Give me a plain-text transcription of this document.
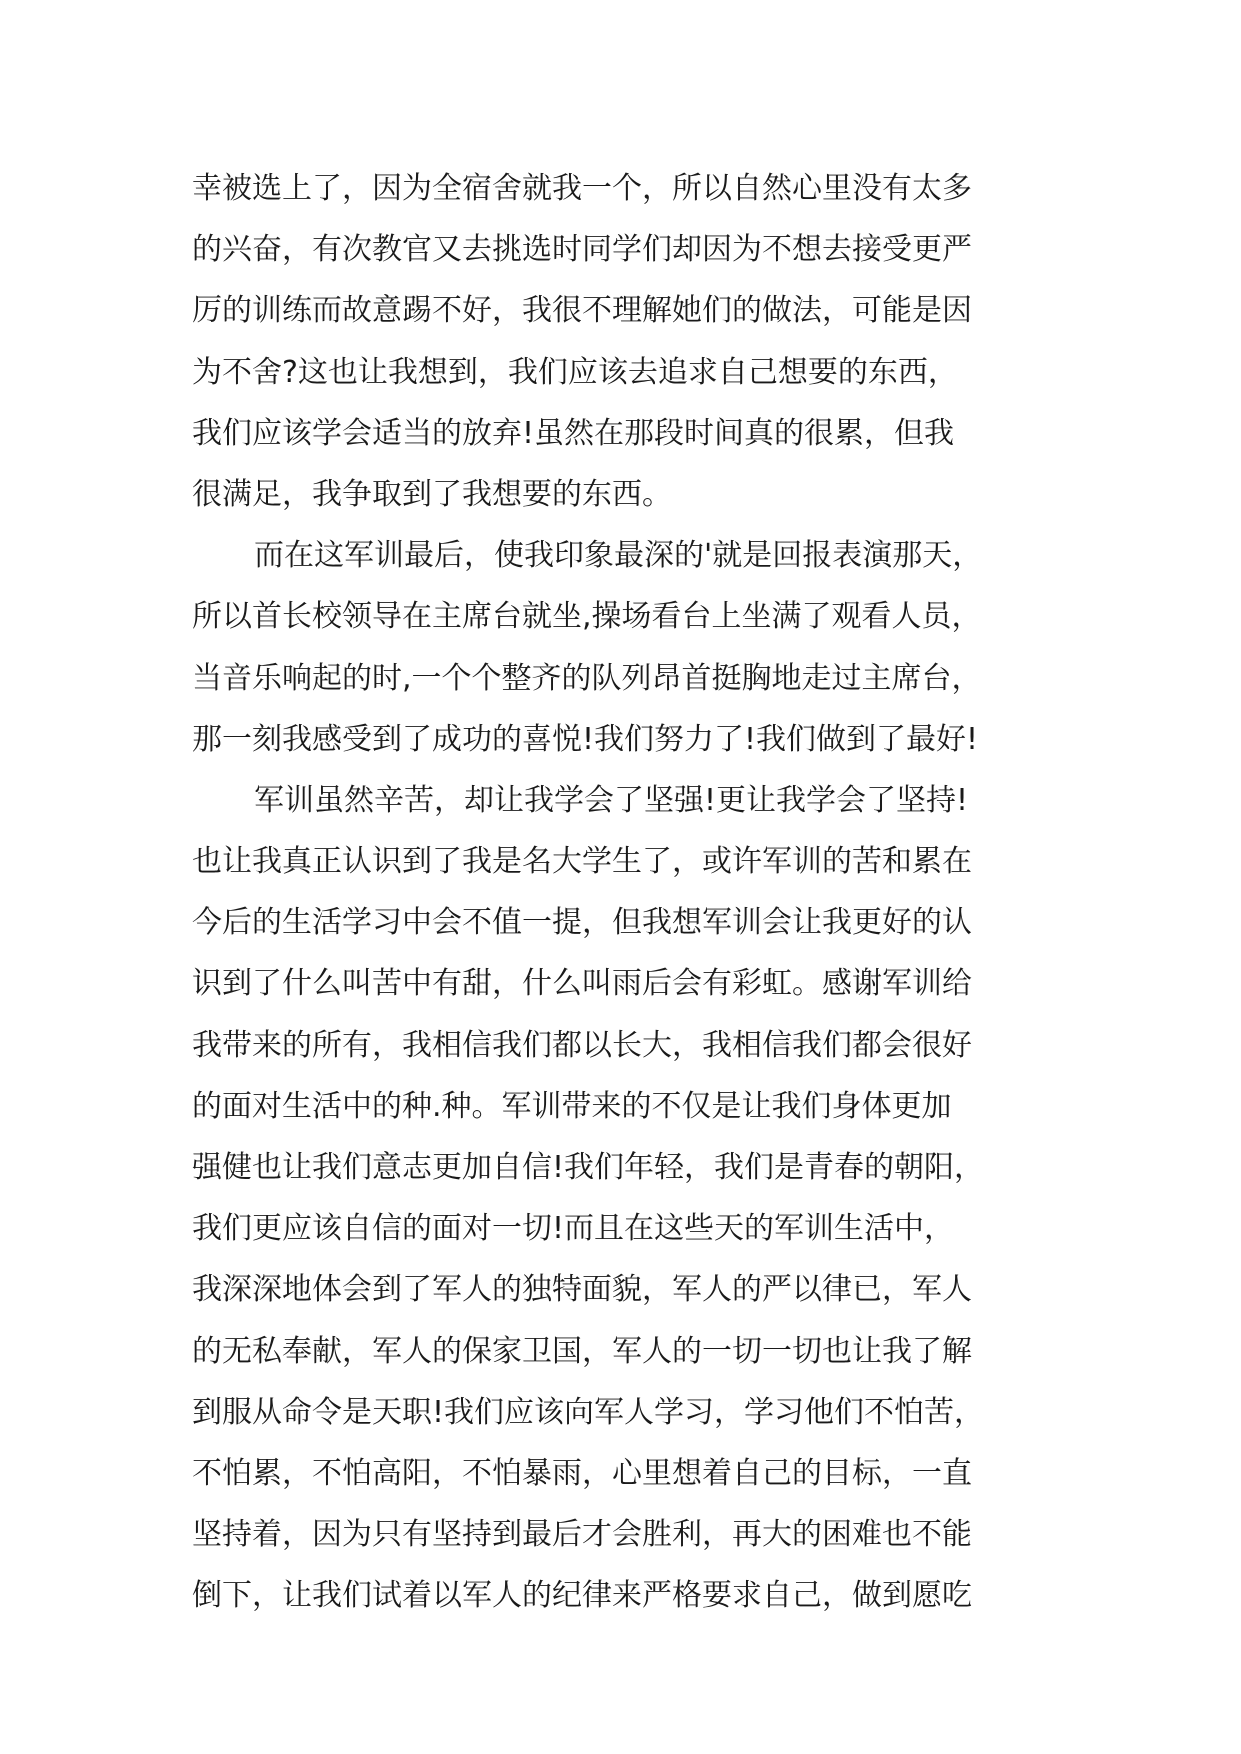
幸被选上了，因为全宿舍就我一个，所以自然心里没有太多
的兴奋，有次教官又去挑选时同学们却因为不想去接受更严
厉的训练而故意踢不好，我很不理解她们的做法，可能是因
为不舍?这也让我想到，我们应该去追求自己想要的东西，
我们应该学会适当的放弃!虽然在那段时间真的很累，但我
很满足，我争取到了我想要的东西。
而在这军训最后，使我印象最深的'就是回报表演那天，
所以首长校领导在主席台就坐,操场看台上坐满了观看人员，
当音乐响起的时,一个个整齐的队列昂首挺胸地走过主席台，
那一刻我感受到了成功的喜悦!我们努力了!我们做到了最好!
军训虽然辛苦，却让我学会了坚强!更让我学会了坚持!
也让我真正认识到了我是名大学生了，或许军训的苦和累在
今后的生活学习中会不值一提，但我想军训会让我更好的认
识到了什么叫苦中有甜，什么叫雨后会有彩虹。感谢军训给
我带来的所有，我相信我们都以长大，我相信我们都会很好
的面对生活中的种.种。军训带来的不仅是让我们身体更加
强健也让我们意志更加自信!我们年轻，我们是青春的朝阳，
我们更应该自信的面对一切!而且在这些天的军训生活中，
我深深地体会到了军人的独特面貌，军人的严以律已，军人
的无私奉献，军人的保家卫国，军人的一切一切也让我了解
到服从命令是天职!我们应该向军人学习，学习他们不怕苦，
不怕累，不怕高阳，不怕暴雨，心里想着自己的目标，一直
坚持着，因为只有坚持到最后才会胜利，再大的困难也不能
倒下，让我们试着以军人的纪律来严格要求自己，做到愿吃
